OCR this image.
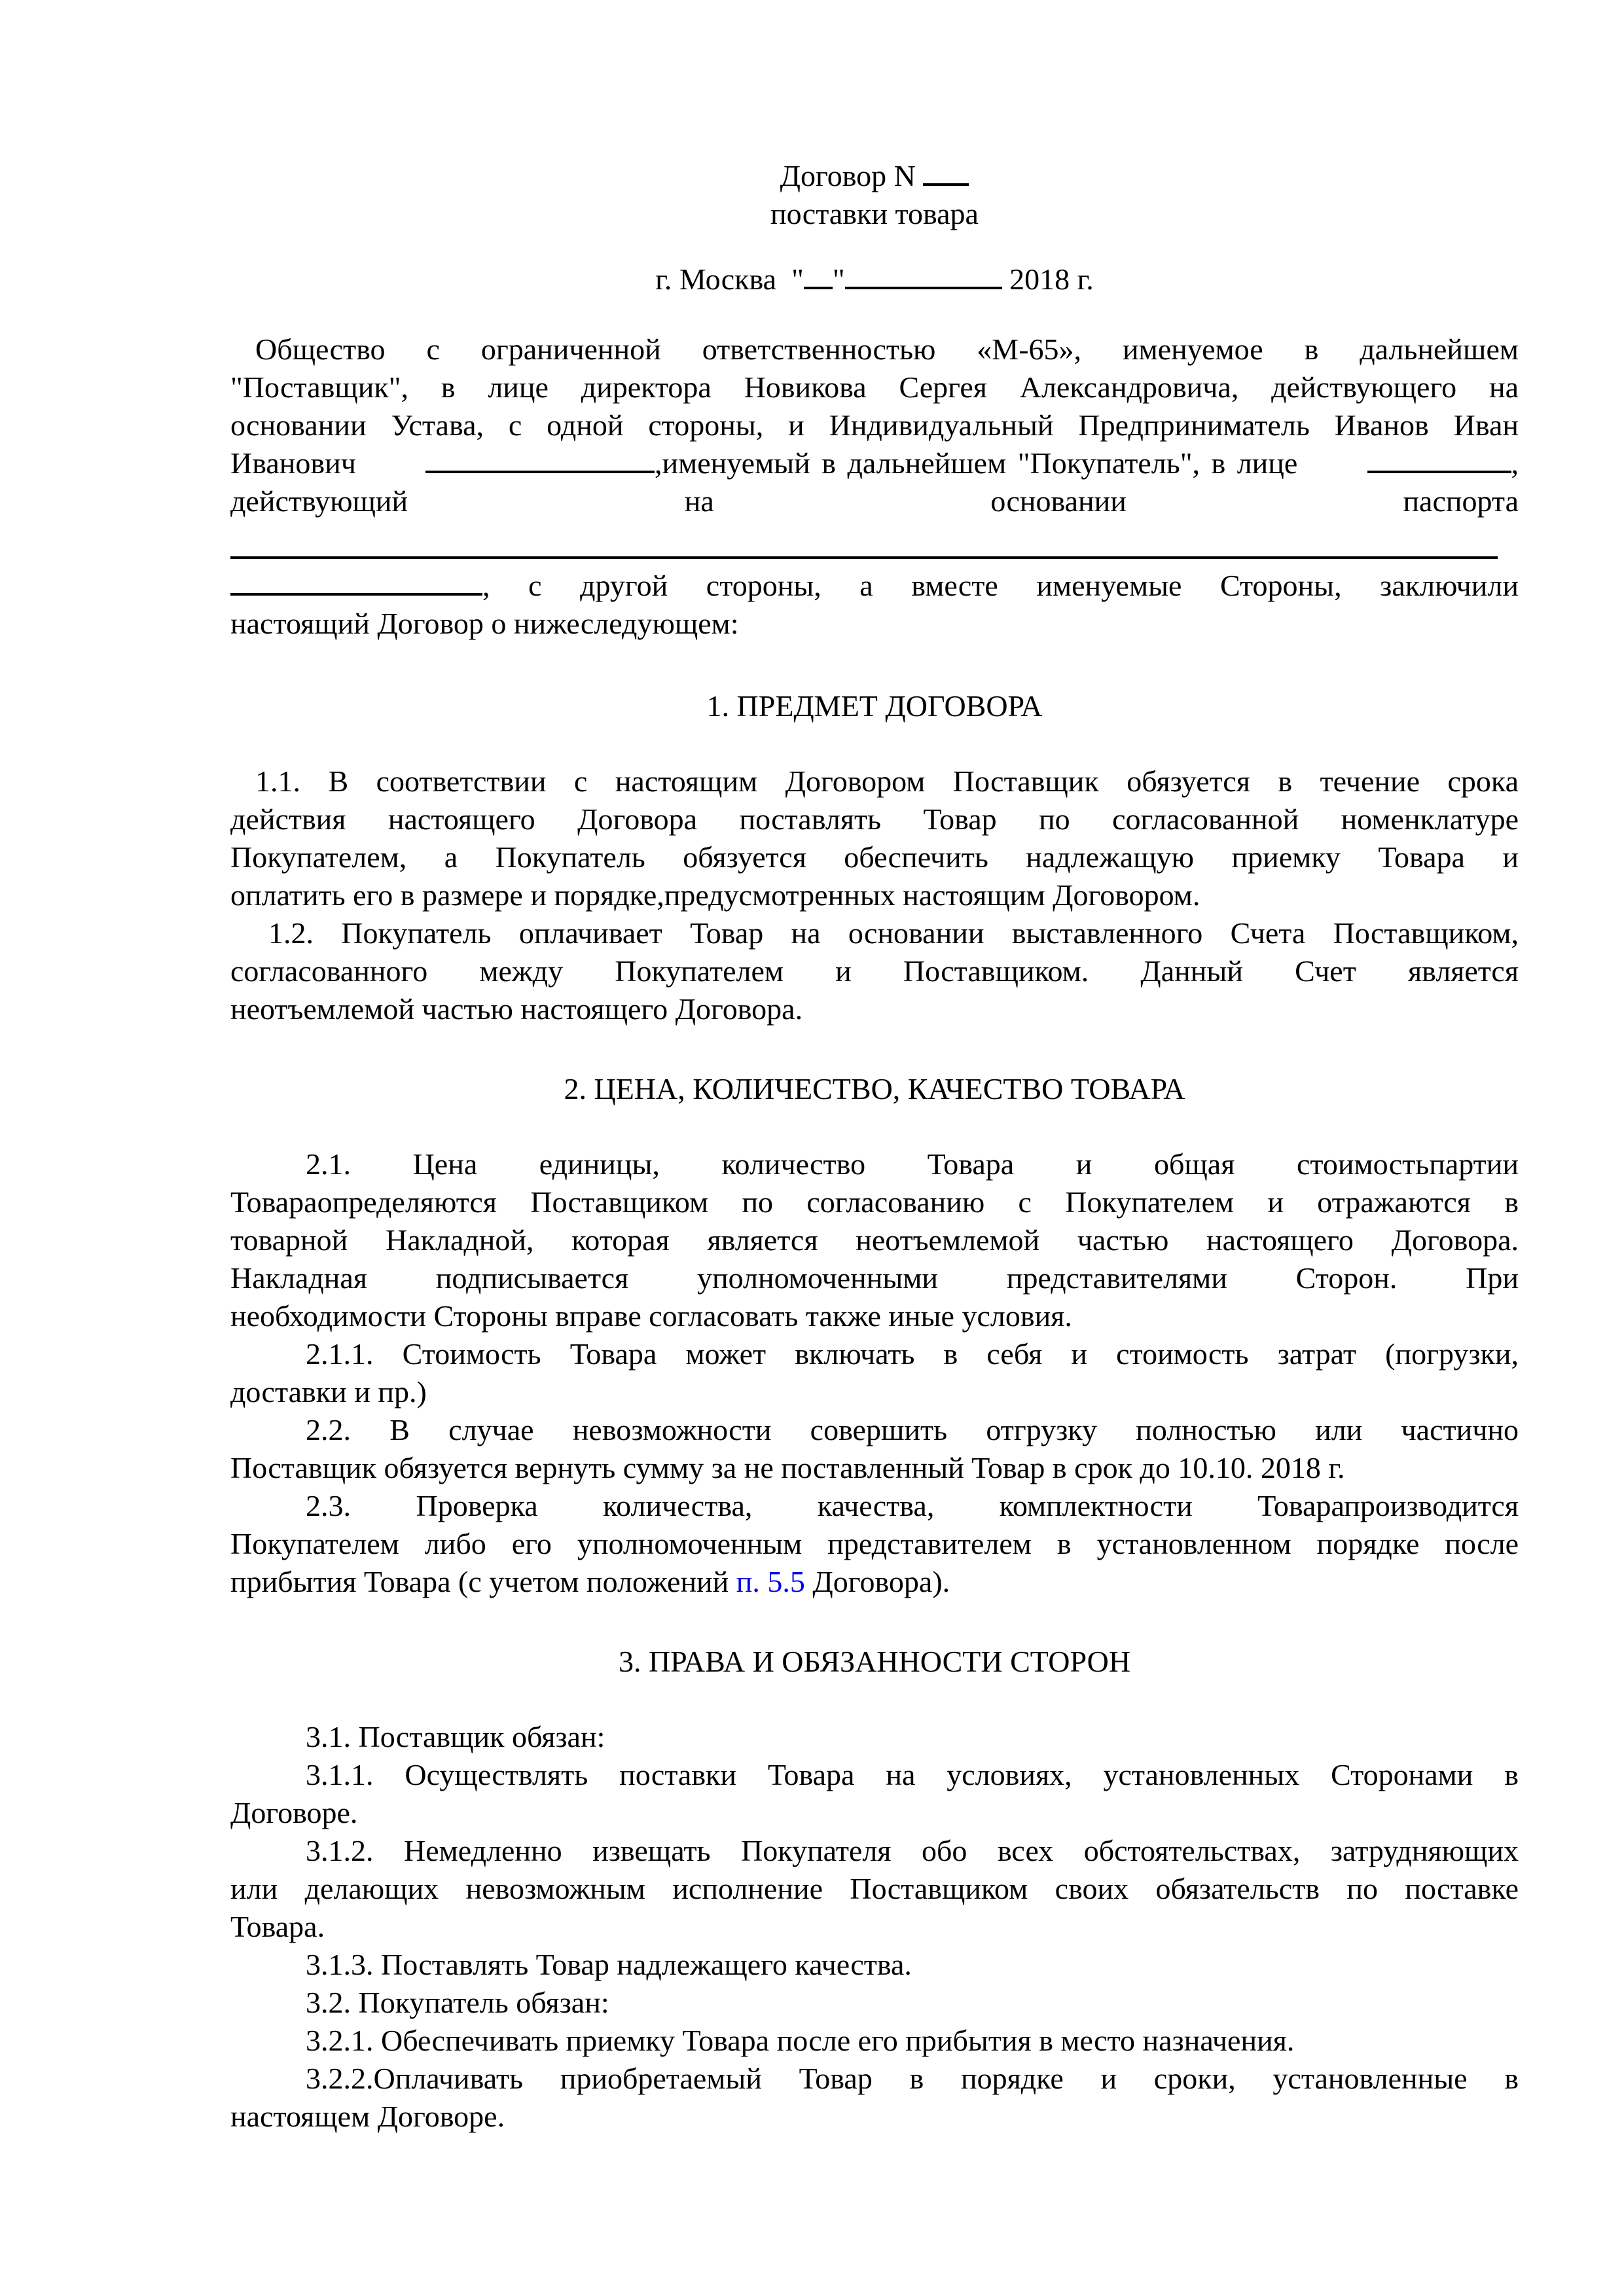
Договор N
поставки товара
г. Москва " "	2018 г.
Общество с ограниченной ответственностью «М-65», именуемое в дальнейшем
"Поставщик", в лице директора Новикова Сергея Александровича, действующего на
основании Устава, с одной стороны, и Индивидуальный Предприниматель Иванов Иван
Иванович	,именуемый в дальнейшем "Покупатель", в лице	,
действующий	на	основании	паспорта
, с другой стороны, а вместе именуемые Стороны, заключили
настоящий Договор о нижеследующем:
1. ПРЕДМЕТ ДОГОВОРА
1.1. В соответствии с настоящим Договором Поставщик обязуется в течение срока
действия настоящего Договора поставлять Товар по согласованной номенклатуре
Покупателем, а Покупатель обязуется обеспечить надлежащую приемку Товара и
оплатить его в размере и порядке,предусмотренных настоящим Договором.
1.2. Покупатель оплачивает Товар на основании выставленного Счета Поставщиком,
согласованного между Покупателем и Поставщиком. Данный Счет является
неотъемлемой частью настоящего Договора.
2. ЦЕНА, КОЛИЧЕСТВО, КАЧЕСТВО ТОВАРА
2.1. Цена единицы, количество Товара и общая стоимостьпартии
Товараопределяются Поставщиком по согласованию с Покупателем и отражаются в
товарной Накладной, которая является неотъемлемой частью настоящего Договора.
Накладная подписывается уполномоченными представителями Сторон. При
необходимости Стороны вправе согласовать также иные условия.
2.1.1. Стоимость Товара может включать в себя и стоимость затрат (погрузки,
доставки и пр.)
2.2. В случае невозможности совершить отгрузку полностью или частично
Поставщик обязуется вернуть сумму за не поставленный Товар в срок до 10.10. 2018 г.
2.3. Проверка количества, качества, комплектности Товарапроизводится
Покупателем либо его уполномоченным представителем в установленном порядке после
прибытия Товара (с учетом положений п. 5.5 Договора).
3. ПРАВА И ОБЯЗАННОСТИ СТОРОН
3.1. Поставщик обязан:
3.1.1. Осуществлять поставки Товара на условиях, установленных Сторонами в
Договоре.
3.1.2. Немедленно извещать Покупателя обо всех обстоятельствах, затрудняющих
или делающих невозможным исполнение Поставщиком своих обязательств по поставке
Товара.
3.1.3. Поставлять Товар надлежащего качества.
3.2. Покупатель обязан:
3.2.1. Обеспечивать приемку Товара после его прибытия в место назначения.
3.2.2.Оплачивать приобретаемый Товар в порядке и сроки, установленные в
настоящем Договоре.
